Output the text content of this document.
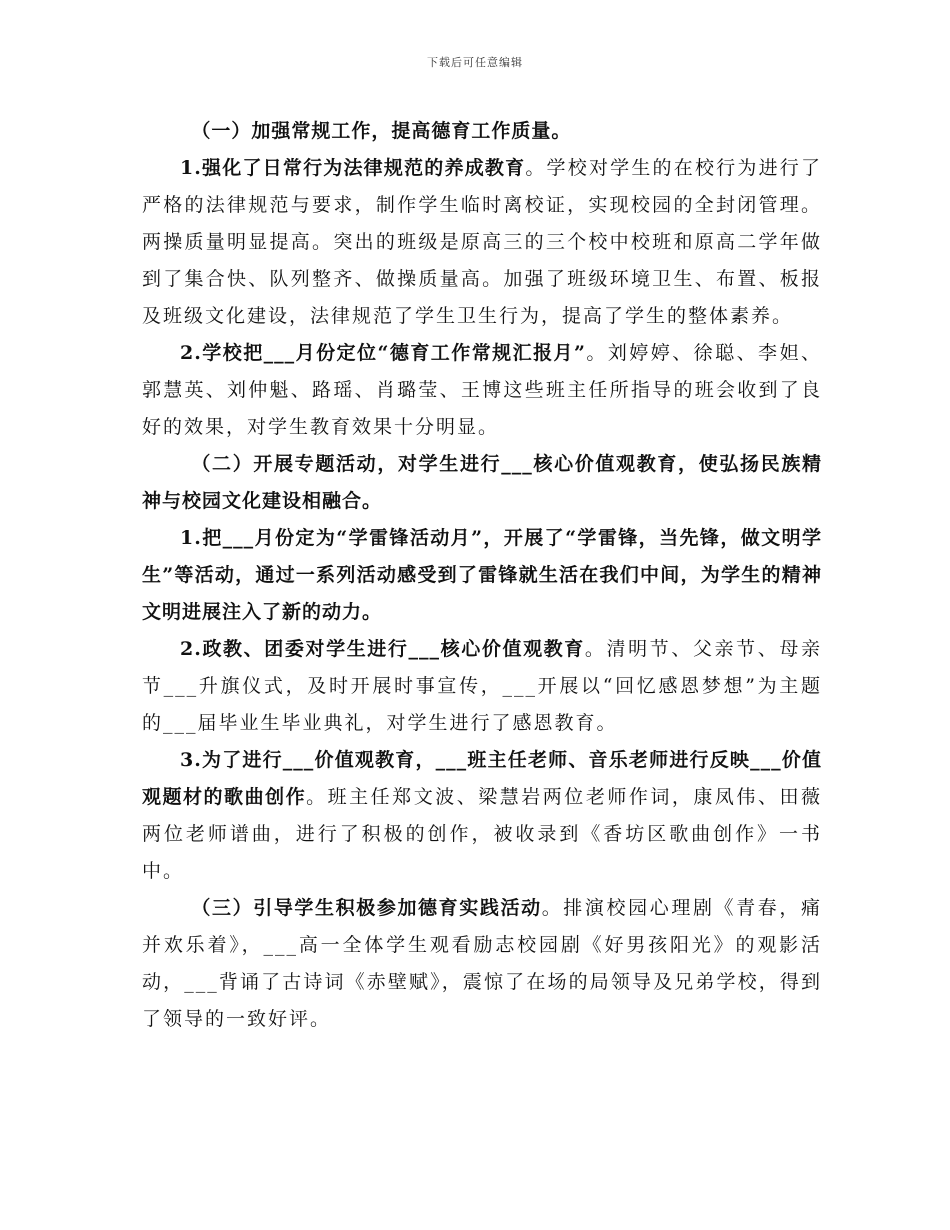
下载后可任意编辑

（一）加强常规工作，提高德育工作质量。

1.强化了日常行为法律规范的养成教育。学校对学生的在校行为进行了严格的法律规范与要求，制作学生临时离校证，实现校园的全封闭管理。两操质量明显提高。突出的班级是原高三的三个校中校班和原高二学年做到了集合快、队列整齐、做操质量高。加强了班级环境卫生、布置、板报及班级文化建设，法律规范了学生卫生行为，提高了学生的整体素养。

2.学校把___月份定位“德育工作常规汇报月”。刘婷婷、徐聪、李妲、郭慧英、刘仲魁、路瑶、肖璐莹、王博这些班主任所指导的班会收到了良好的效果，对学生教育效果十分明显。

（二）开展专题活动，对学生进行___核心价值观教育，使弘扬民族精神与校园文化建设相融合。

1.把___月份定为“学雷锋活动月”，开展了“学雷锋，当先锋，做文明学生”等活动，通过一系列活动感受到了雷锋就生活在我们中间，为学生的精神文明进展注入了新的动力。

2.政教、团委对学生进行___核心价值观教育。清明节、父亲节、母亲节___升旗仪式，及时开展时事宣传，___开展以“回忆感恩梦想”为主题的___届毕业生毕业典礼，对学生进行了感恩教育。

3.为了进行___价值观教育，___班主任老师、音乐老师进行反映___价值观题材的歌曲创作。班主任郑文波、梁慧岩两位老师作词，康凤伟、田薇两位老师谱曲，进行了积极的创作，被收录到《香坊区歌曲创作》一书中。

（三）引导学生积极参加德育实践活动。排演校园心理剧《青春，痛并欢乐着》，___高一全体学生观看励志校园剧《好男孩阳光》的观影活动，___背诵了古诗词《赤壁赋》，震惊了在场的局领导及兄弟学校，得到了领导的一致好评。
